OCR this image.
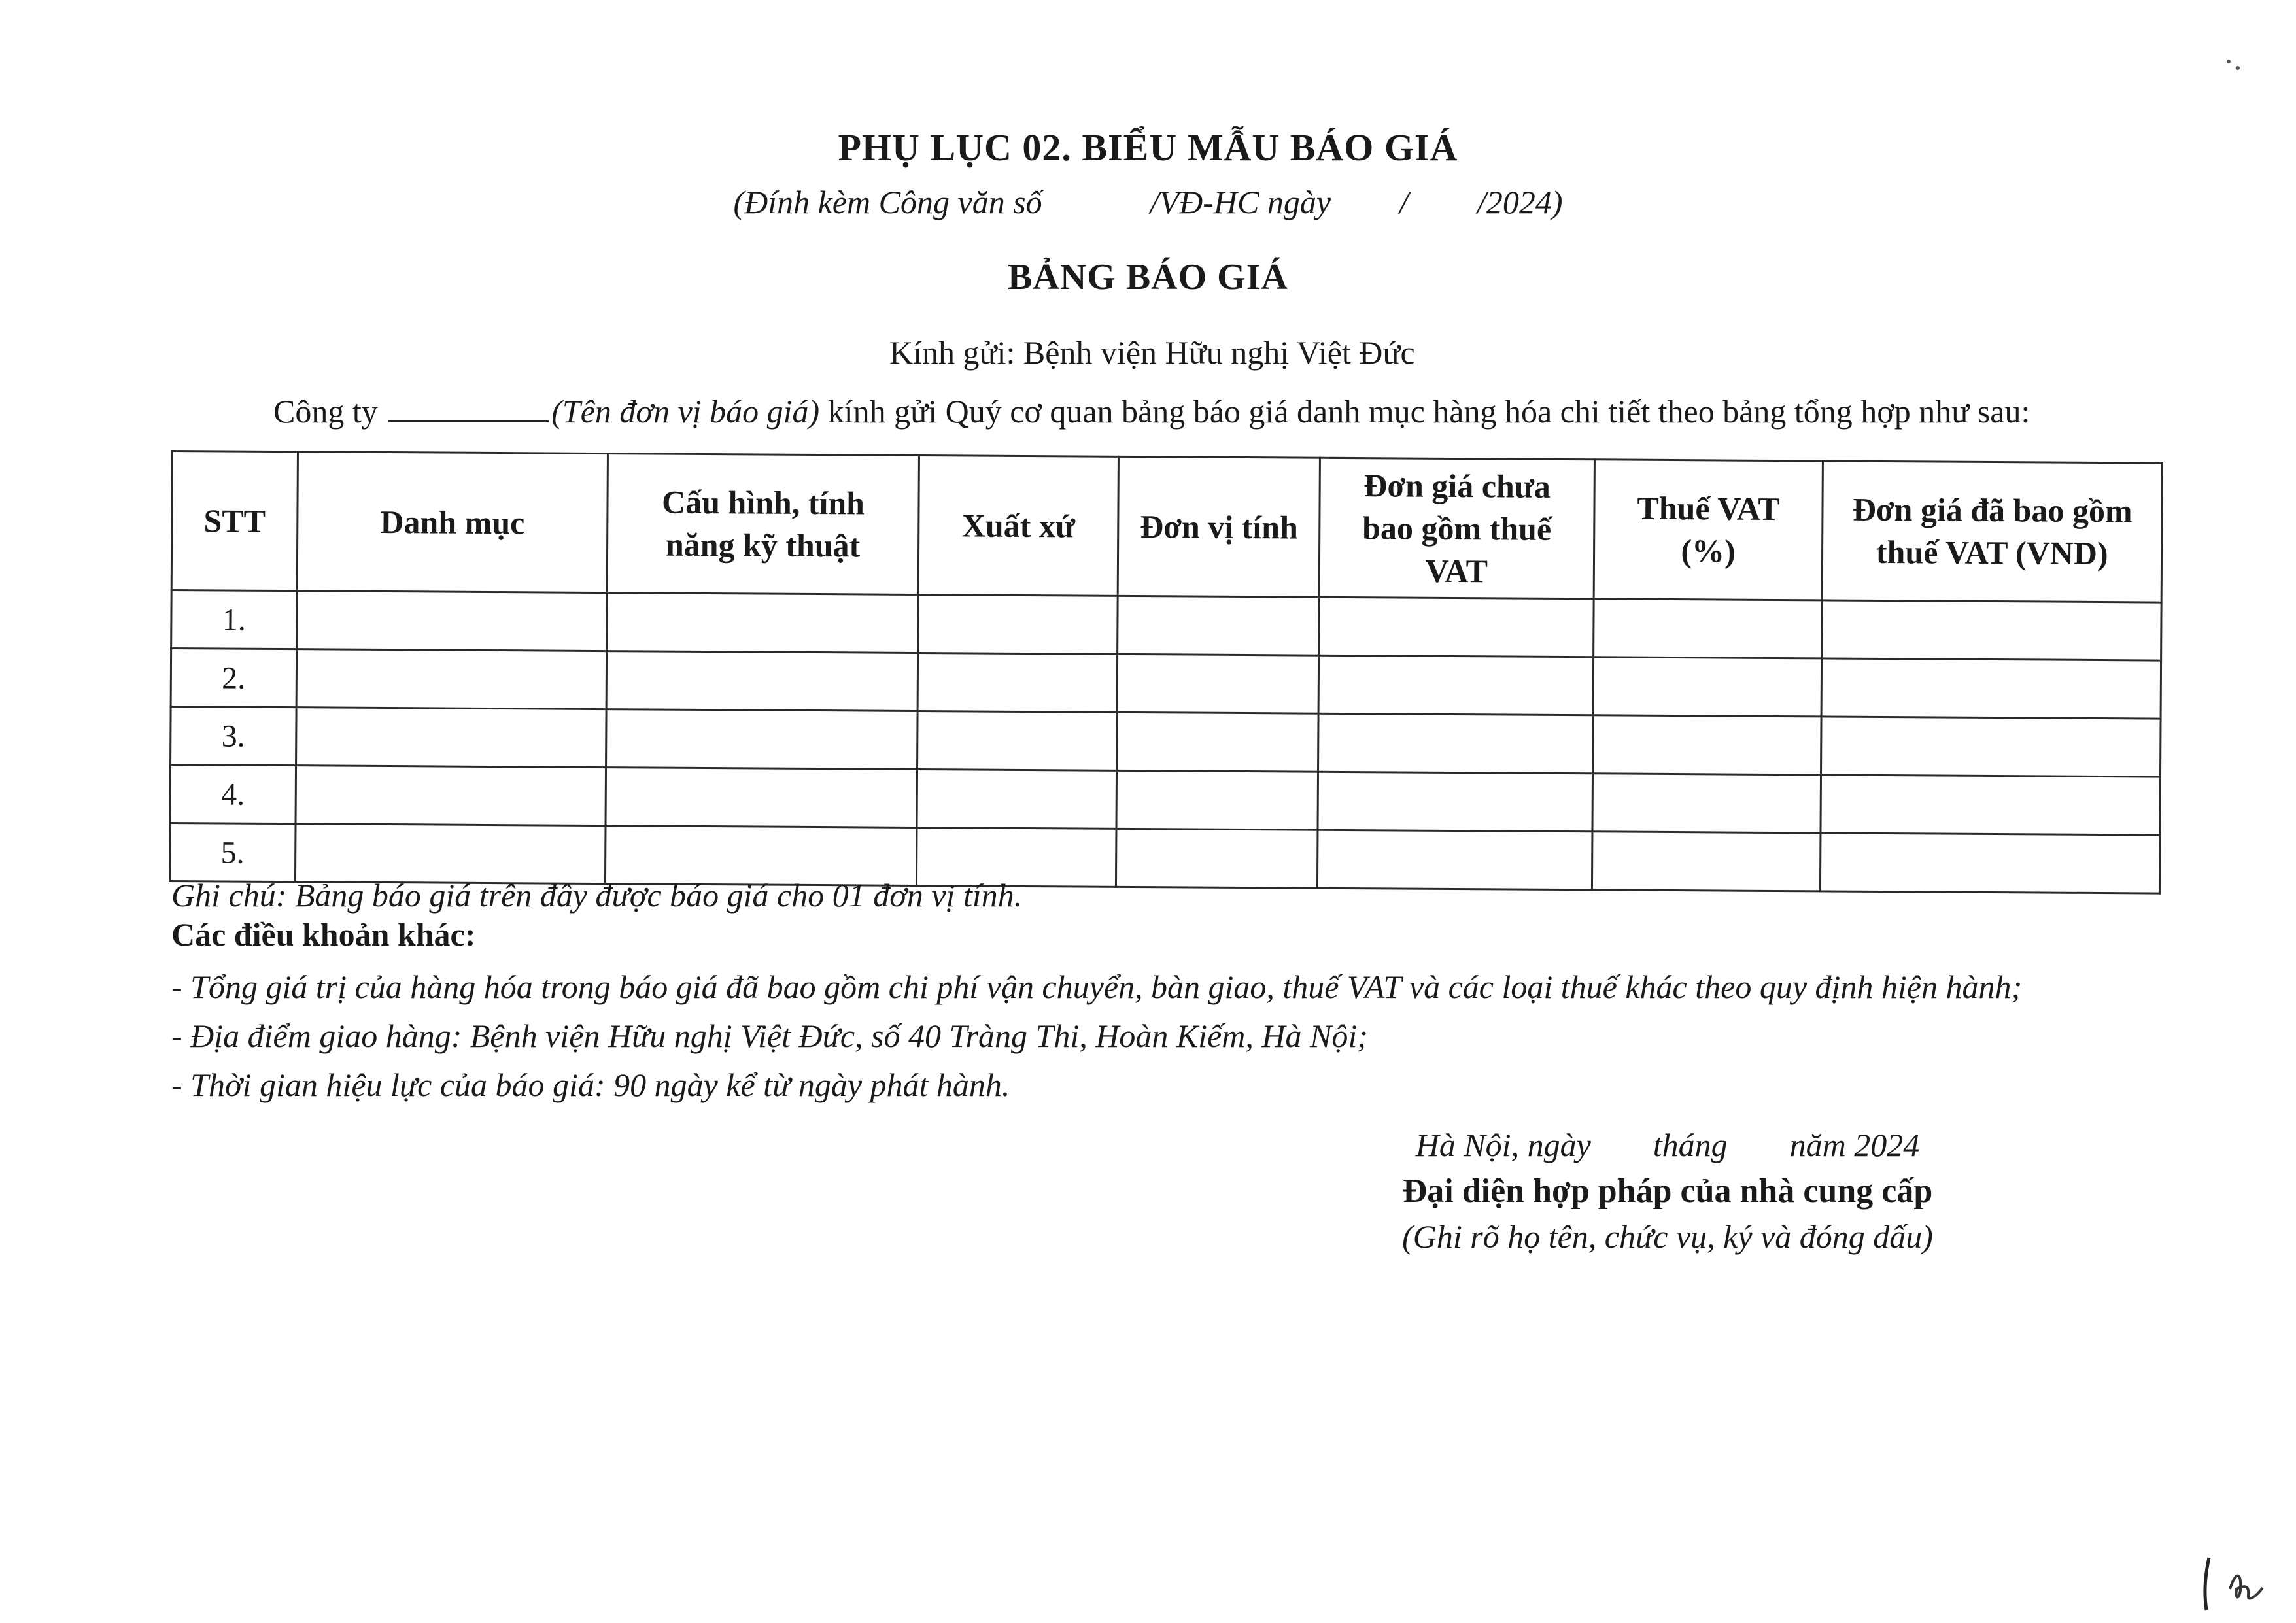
PHỤ LỤC 02. BIỂU MẪU BÁO GIÁ
(Đính kèm Công văn số	/VĐ-HC ngày / /2024)
BẢNG BÁO GIÁ
Kính gửi: Bệnh viện Hữu nghị Việt Đức
Công ty	(Tên đơn vị báo giá) kính gửi Quý cơ quan bảng báo giá danh mục hàng hóa chi tiết theo bảng tổng hợp như sau:
STT	Danh mục	Cấu hình, tính năng kỹ thuật	Xuất xứ	Đơn vị tính	Đơn giá chưa bao gồm thuế VAT	Thuế VAT (%)	Đơn giá đã bao gồm thuế VAT (VND)
1.							
2.							
3.							
4.							
5.							
Ghi chú: Bảng báo giá trên đây được báo giá cho 01 đơn vị tính.
Các điều khoản khác:
- Tổng giá trị của hàng hóa trong báo giá đã bao gồm chi phí vận chuyển, bàn giao, thuế VAT và các loại thuế khác theo quy định hiện hành;
- Địa điểm giao hàng: Bệnh viện Hữu nghị Việt Đức, số 40 Tràng Thi, Hoàn Kiếm, Hà Nội;
- Thời gian hiệu lực của báo giá: 90 ngày kể từ ngày phát hành.
Hà Nội, ngày tháng năm 2024
Đại diện hợp pháp của nhà cung cấp
(Ghi rõ họ tên, chức vụ, ký và đóng dấu)
